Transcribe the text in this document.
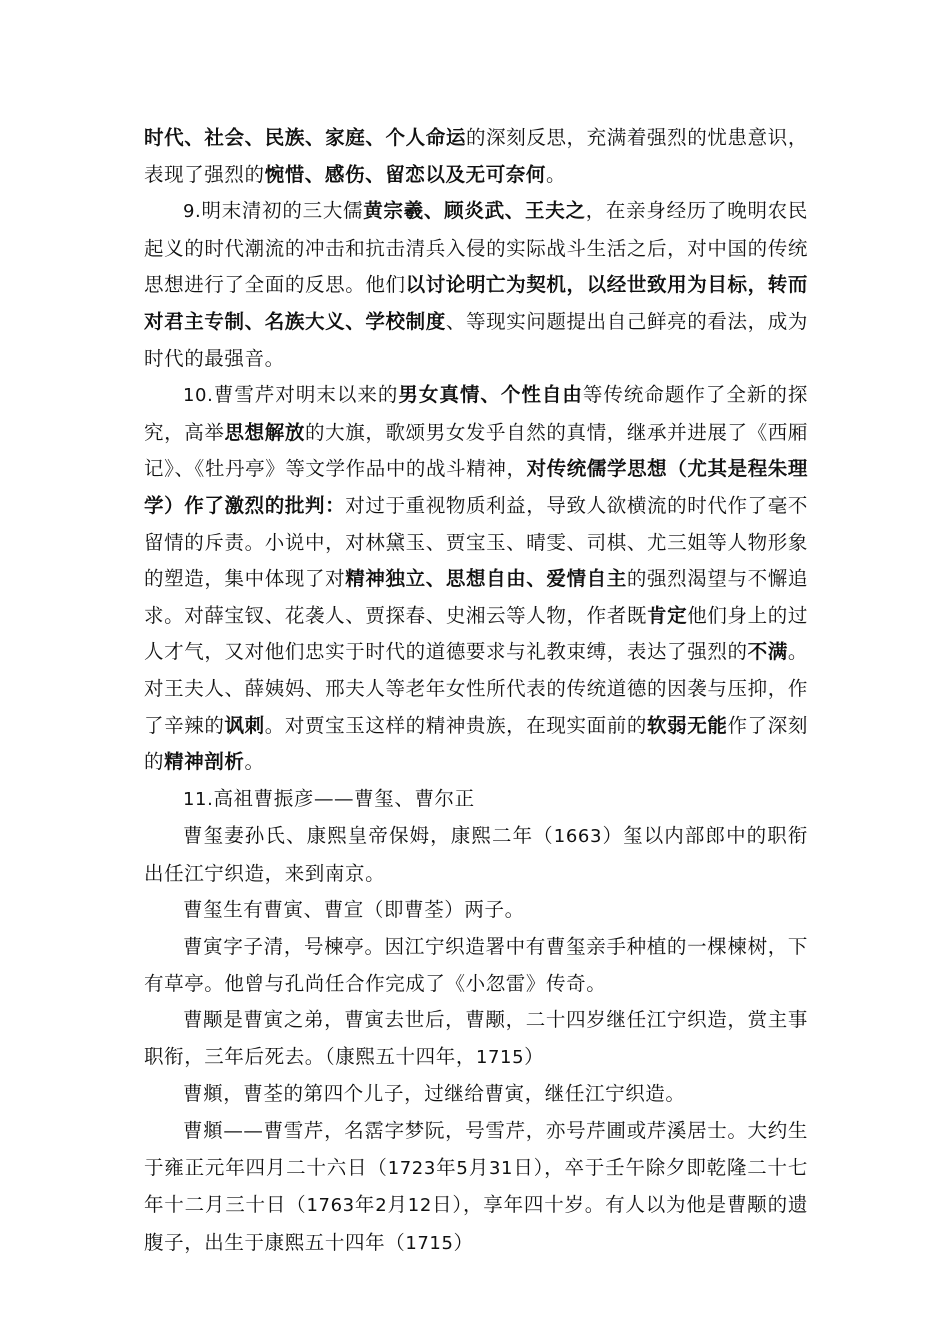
时代、社会、民族、家庭、个人命运的深刻反思，充满着强烈的忧患意识，表现了强烈的惋惜、感伤、留恋以及无可奈何。

9.明末清初的三大儒黄宗羲、顾炎武、王夫之，在亲身经历了晚明农民起义的时代潮流的冲击和抗击清兵入侵的实际战斗生活之后，对中国的传统思想进行了全面的反思。他们以讨论明亡为契机，以经世致用为目标，转而对君主专制、名族大义、学校制度、等现实问题提出自己鲜亮的看法，成为时代的最强音。

10.曹雪芹对明末以来的男女真情、个性自由等传统命题作了全新的探究，高举思想解放的大旗，歌颂男女发乎自然的真情，继承并进展了《西厢记》、《牡丹亭》等文学作品中的战斗精神，对传统儒学思想（尤其是程朱理学）作了激烈的批判：对过于重视物质利益，导致人欲横流的时代作了毫不留情的斥责。小说中，对林黛玉、贾宝玉、晴雯、司棋、尤三姐等人物形象的塑造，集中体现了对精神独立、思想自由、爱情自主的强烈渴望与不懈追求。对薛宝钗、花袭人、贾探春、史湘云等人物，作者既肯定他们身上的过人才气，又对他们忠实于时代的道德要求与礼教束缚，表达了强烈的不满。对王夫人、薛姨妈、邢夫人等老年女性所代表的传统道德的因袭与压抑，作了辛辣的讽刺。对贾宝玉这样的精神贵族，在现实面前的软弱无能作了深刻的精神剖析。

11.高祖曹振彦——曹玺、曹尔正

曹玺妻孙氏、康熙皇帝保姆，康熙二年（1663）玺以内部郎中的职衔出任江宁织造，来到南京。

曹玺生有曹寅、曹宣（即曹荃）两子。

曹寅字子清，号楝亭。因江宁织造署中有曹玺亲手种植的一棵楝树，下有草亭。他曾与孔尚任合作完成了《小忽雷》传奇。

曹颙是曹寅之弟，曹寅去世后，曹颙，二十四岁继任江宁织造，赏主事职衔，三年后死去。（康熙五十四年，1715）

曹頫，曹荃的第四个儿子，过继给曹寅，继任江宁织造。

曹頫——曹雪芹，名霑字梦阮，号雪芹，亦号芹圃或芹溪居士。大约生于雍正元年四月二十六日（1723年5月31日），卒于壬午除夕即乾隆二十七年十二月三十日（1763年2月12日），享年四十岁。有人以为他是曹颙的遗腹子，出生于康熙五十四年（1715）
